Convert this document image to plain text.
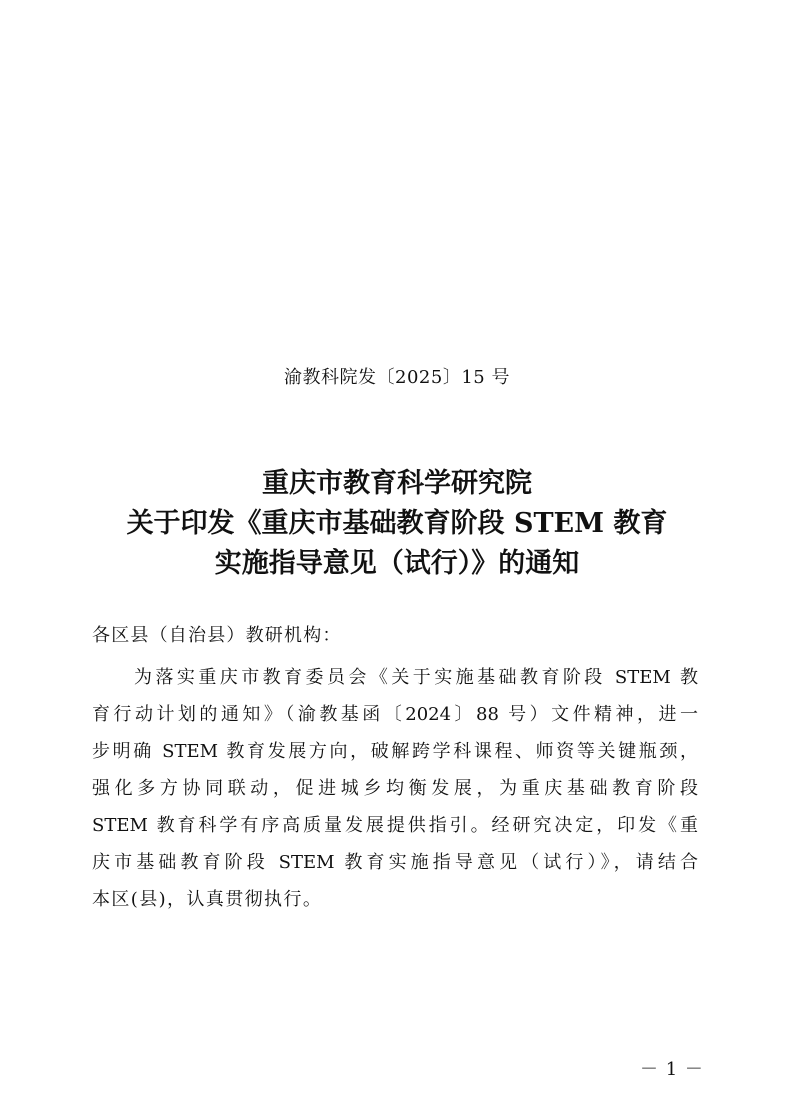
渝教科院发〔2025〕15 号
重庆市教育科学研究院
关于印发《重庆市基础教育阶段 STEM 教育
实施指导意见（试行）》的通知
各区县（自治县）教研机构：
为落实重庆市教育委员会《关于实施基础教育阶段 STEM 教
育行动计划的通知》（渝教基函〔2024〕88 号）文件精神，进一
步明确 STEM 教育发展方向，破解跨学科课程、师资等关键瓶颈，
强化多方协同联动，促进城乡均衡发展，为重庆基础教育阶段
STEM 教育科学有序高质量发展提供指引。经研究决定，印发《重
庆市基础教育阶段 STEM 教育实施指导意见（试行）》，请结合
本区(县)，认真贯彻执行。
－ 1 －
